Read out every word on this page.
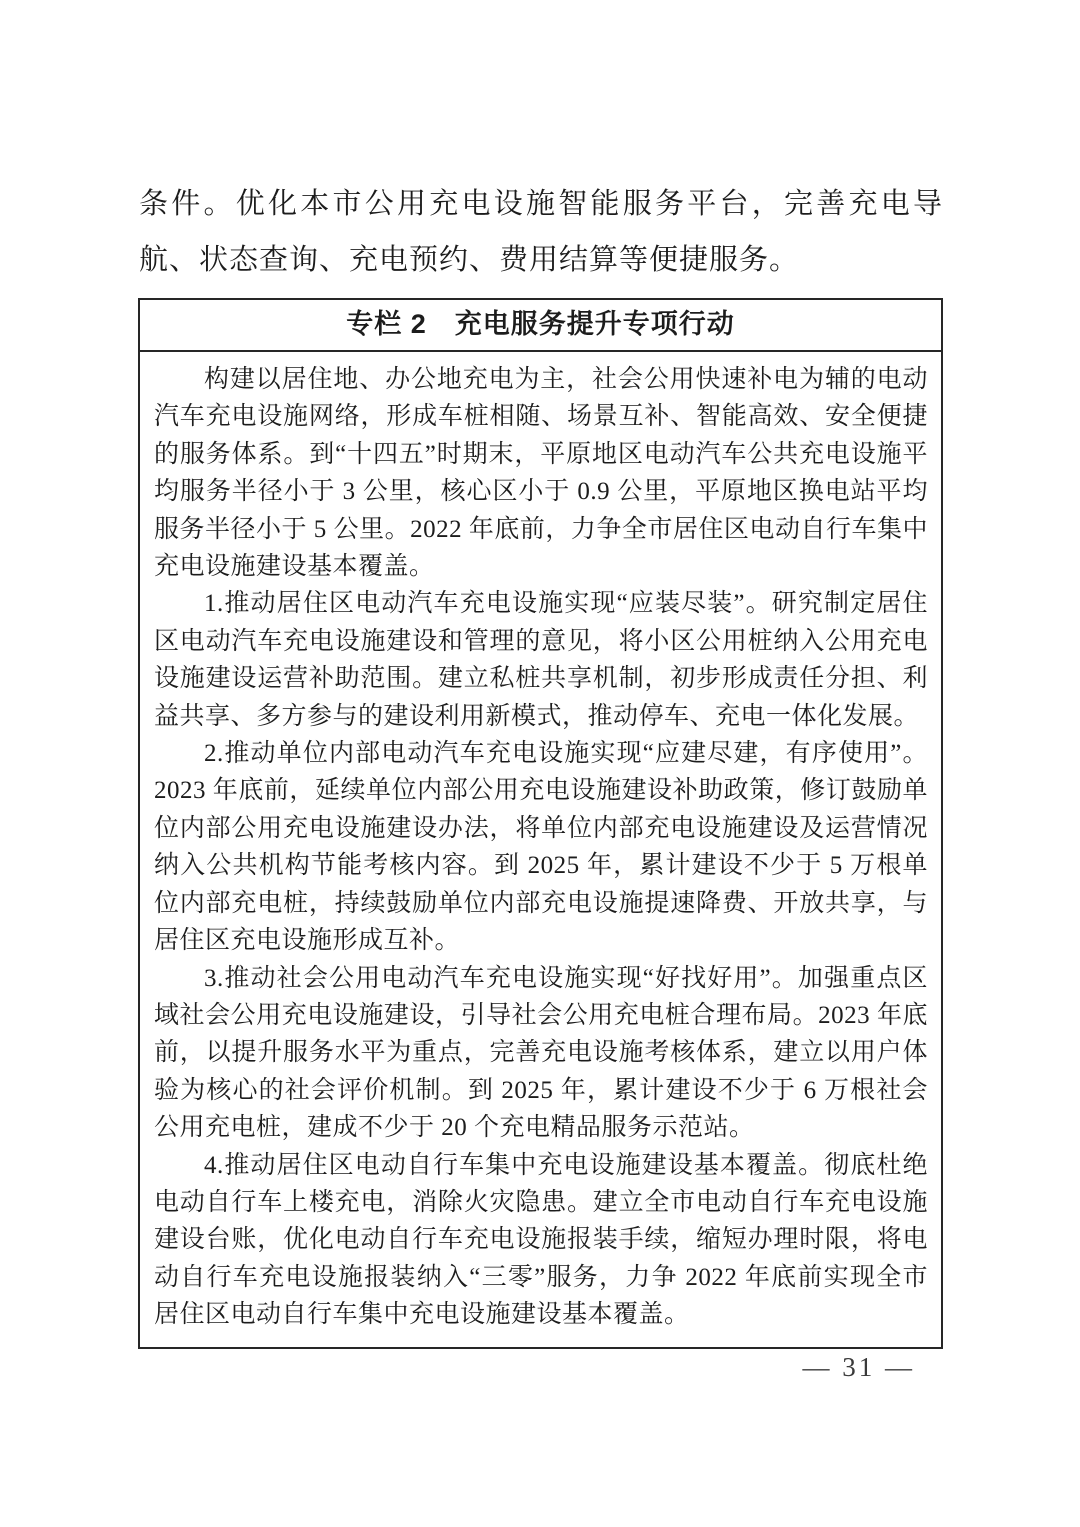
条件。优化本市公用充电设施智能服务平台，完善充电导航、状态查询、充电预约、费用结算等便捷服务。

专栏 2　充电服务提升专项行动

构建以居住地、办公地充电为主，社会公用快速补电为辅的电动汽车充电设施网络，形成车桩相随、场景互补、智能高效、安全便捷的服务体系。到“十四五”时期末，平原地区电动汽车公共充电设施平均服务半径小于 3 公里，核心区小于 0.9 公里，平原地区换电站平均服务半径小于 5 公里。2022 年底前，力争全市居住区电动自行车集中充电设施建设基本覆盖。

1.推动居住区电动汽车充电设施实现“应装尽装”。研究制定居住区电动汽车充电设施建设和管理的意见，将小区公用桩纳入公用充电设施建设运营补助范围。建立私桩共享机制，初步形成责任分担、利益共享、多方参与的建设利用新模式，推动停车、充电一体化发展。

2.推动单位内部电动汽车充电设施实现“应建尽建，有序使用”。2023 年底前，延续单位内部公用充电设施建设补助政策，修订鼓励单位内部公用充电设施建设办法，将单位内部充电设施建设及运营情况纳入公共机构节能考核内容。到 2025 年，累计建设不少于 5 万根单位内部充电桩，持续鼓励单位内部充电设施提速降费、开放共享，与居住区充电设施形成互补。

3.推动社会公用电动汽车充电设施实现“好找好用”。加强重点区域社会公用充电设施建设，引导社会公用充电桩合理布局。2023 年底前，以提升服务水平为重点，完善充电设施考核体系，建立以用户体验为核心的社会评价机制。到 2025 年，累计建设不少于 6 万根社会公用充电桩，建成不少于 20 个充电精品服务示范站。

4.推动居住区电动自行车集中充电设施建设基本覆盖。彻底杜绝电动自行车上楼充电，消除火灾隐患。建立全市电动自行车充电设施建设台账，优化电动自行车充电设施报装手续，缩短办理时限，将电动自行车充电设施报装纳入“三零”服务，力争 2022 年底前实现全市居住区电动自行车集中充电设施建设基本覆盖。

— 31 —
